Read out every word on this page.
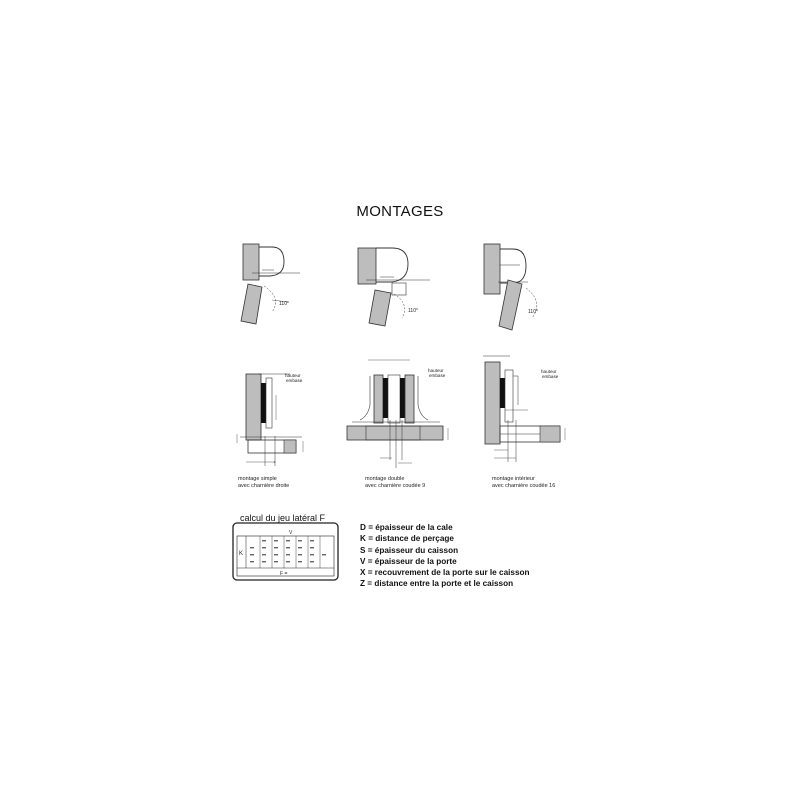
MONTAGES
110°
110°	110°
hauteur embase
hauteur embase
hauteur embase
V
K
F =
montage simple
avec charnière droite
montage double
avec charnière coudée 9
montage intérieur
avec charnière coudée 16
calcul du jeu latéral F
D = épaisseur de la cale
K = distance de perçage
S = épaisseur du caisson
V = épaisseur de la porte
X = recouvrement de la porte sur le caisson
Z = distance entre la porte et le caisson
